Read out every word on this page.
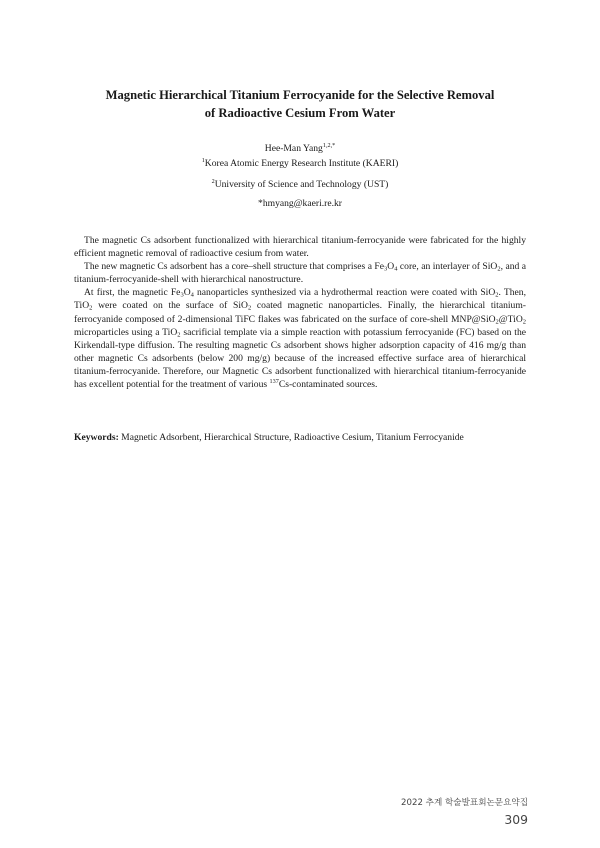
Magnetic Hierarchical Titanium Ferrocyanide for the Selective Removal
of Radioactive Cesium From Water
Hee-Man Yang$^{1,2,*}$
$^1$Korea Atomic Energy Research Institute (KAERI)
$^2$University of Science and Technology (UST)
*hmyang@kaeri.re.kr

The magnetic Cs adsorbent functionalized with hierarchical titanium-ferrocyanide were fabricated for the highly efficient magnetic removal of radioactive cesium from water.

The new magnetic Cs adsorbent has a core–shell structure that comprises a $Fe_3O_4$ core, an interlayer of SiO$_2$, and a titanium-ferrocyanide-shell with hierarchical nanostructure.

At first, the magnetic $Fe_3O_4$ nanoparticles synthesized via a hydrothermal reaction were coated with SiO$_2$. Then, TiO$_2$ were coated on the surface of SiO$_2$ coated magnetic nanoparticles. Finally, the hierarchical titanium-ferrocyanide composed of 2-dimensional TiFC flakes was fabricated on the surface of core-shell MNP@SiO$_2$@TiO$_2$ microparticles using a TiO$_2$ sacrificial template via a simple reaction with potassium ferrocyanide (FC) based on the Kirkendall-type diffusion. The resulting magnetic Cs adsorbent shows higher adsorption capacity of 416 mg/g than other magnetic Cs adsorbents (below 200 mg/g) because of the increased effective surface area of hierarchical titanium-ferrocyanide. Therefore, our Magnetic Cs adsorbent functionalized with hierarchical titanium-ferrocyanide has excellent potential for the treatment of various $^{137}$Cs-contaminated sources.

Keywords: Magnetic Adsorbent, Hierarchical Structure, Radioactive Cesium, Titanium Ferrocyanide
2022 추계 학술발표회논문요약집 309
